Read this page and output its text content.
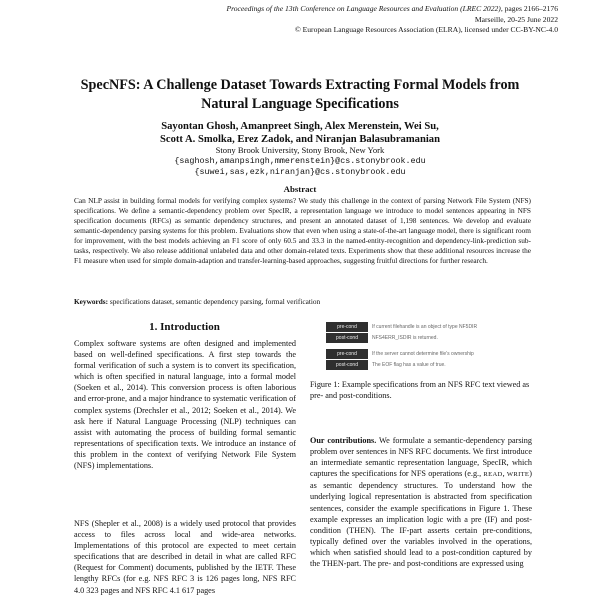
Proceedings of the 13th Conference on Language Resources and Evaluation (LREC 2022), pages 2166–2176
Marseille, 20-25 June 2022
© European Language Resources Association (ELRA), licensed under CC-BY-NC-4.0
SpecNFS: A Challenge Dataset Towards Extracting Formal Models from
Natural Language Specifications
Sayontan Ghosh, Amanpreet Singh, Alex Merenstein, Wei Su,
Scott A. Smolka, Erez Zadok, and Niranjan Balasubramanian
Stony Brook University, Stony Brook, New York
{saghosh,amanpsingh,mmerenstein}@cs.stonybrook.edu
{suwei,sas,ezk,niranjan}@cs.stonybrook.edu
Abstract
Can NLP assist in building formal models for verifying complex systems? We study this challenge in the context of parsing Network File System (NFS) specifications. We define a semantic-dependency problem over SpecIR, a representation language we introduce to model sentences appearing in NFS specification documents (RFCs) as semantic dependency structures, and present an annotated dataset of 1,198 sentences. We develop and evaluate semantic-dependency parsing systems for this problem. Evaluations show that even when using a state-of-the-art language model, there is significant room for improvement, with the best models achieving an F1 score of only 60.5 and 33.3 in the named-entity-recognition and dependency-link-prediction sub-tasks, respectively. We also release additional unlabeled data and other domain-related texts. Experiments show that these additional resources increase the F1 measure when used for simple domain-adaption and transfer-learning-based approaches, suggesting fruitful directions for further research.
Keywords: specifications dataset, semantic dependency parsing, formal verification
1. Introduction

Complex software systems are often designed and implemented based on well-defined specifications. A first step towards the formal verification of such a system is to convert its specification, which is often specified in natural language, into a formal model (Soeken et al., 2014). This conversion process is often laborious and error-prone, and a major hindrance to systematic verification of complex systems (Drechsler et al., 2012; Soeken et al., 2014). We ask here if Natural Language Processing (NLP) techniques can assist with automating the process of building formal semantic representations of specification texts. We introduce an instance of this problem in the context of verifying Network File System (NFS) implementations.

NFS (Shepler et al., 2008) is a widely used protocol that provides access to files across local and wide-area networks. Implementations of this protocol are expected to meet certain specifications that are described in detail in what are called RFC (Request for Comment) documents, published by the IETF. These lengthy RFCs (for e.g. NFS RFC 3 is 126 pages long, NFS RFC 4.0 323 pages and NFS RFC 4.1 617 pages

pre-cond	If current filehandle is an object of type NF5DIR
post-cond	NFS4ERR_ISDIR is returned.
pre-cond	If the server cannot determine file's ownership
post-cond	The EOF flag has a value of true.
Figure 1: Example specifications from an NFS RFC text viewed as pre- and post-conditions.

Our contributions. We formulate a semantic-dependency parsing problem over sentences in NFS RFC documents. We first introduce an intermediate semantic representation language, SpecIR, which captures the specifications for NFS operations (e.g., READ, WRITE) as semantic dependency structures. To understand how the underlying logical representation is abstracted from specification sentences, consider the example specifications in Figure 1. These example expresses an implication logic with a pre (IF) and post-condition (THEN). The IF-part asserts certain pre-conditions, typically defined over the variables involved in the operations, which when satisfied should lead to a post-condition captured by the THEN-part. The pre- and post-conditions are expressed using
